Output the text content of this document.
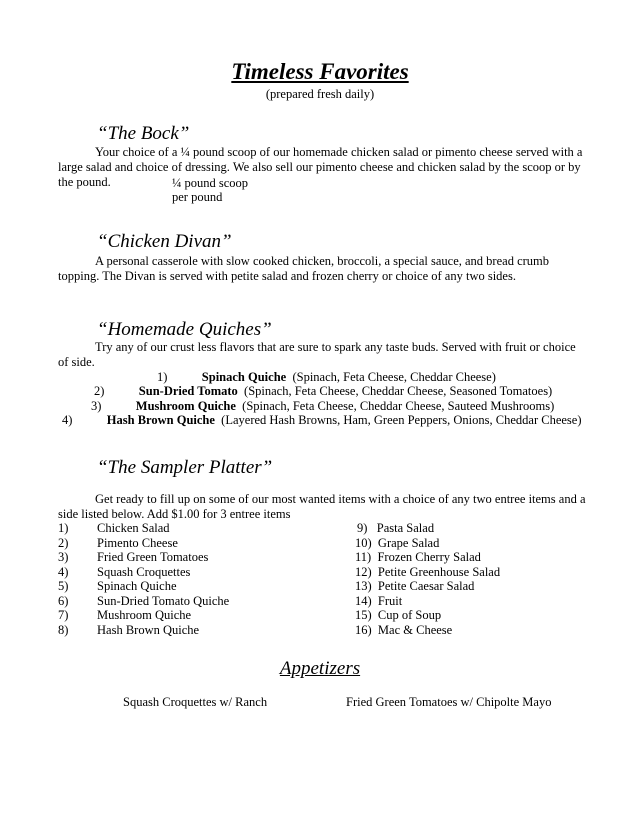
Timeless Favorites
(prepared fresh daily)
“The Bock”
Your choice of a ¼ pound scoop of our homemade chicken salad or pimento cheese served with a large salad and choice of dressing. We also sell our pimento cheese and chicken salad by the scoop or by the pound.	¼ pound scoop
per pound
“Chicken Divan”
A personal casserole with slow cooked chicken, broccoli, a special sauce, and bread crumb topping. The Divan is served with petite salad and frozen cherry or choice of any two sides.
“Homemade Quiches”
Try any of our crust less flavors that are sure to spark any taste buds. Served with fruit or choice of side.
1)	Spinach Quiche (Spinach, Feta Cheese, Cheddar Cheese)
2)	Sun-Dried Tomato (Spinach, Feta Cheese, Cheddar Cheese, Seasoned Tomatoes)
3)	Mushroom Quiche (Spinach, Feta Cheese, Cheddar Cheese, Sauteed Mushrooms)
4)	Hash Brown Quiche (Layered Hash Browns, Ham, Green Peppers, Onions, Cheddar Cheese)
“The Sampler Platter”
Get ready to fill up on some of our most wanted items with a choice of any two entree items and a side listed below. Add $1.00 for 3 entree items
1) Chicken Salad
2) Pimento Cheese
3) Fried Green Tomatoes
4) Squash Croquettes
5) Spinach Quiche
6) Sun-Dried Tomato Quiche
7) Mushroom Quiche
8) Hash Brown Quiche
9) Pasta Salad
10) Grape Salad
11) Frozen Cherry Salad
12) Petite Greenhouse Salad
13) Petite Caesar Salad
14) Fruit
15) Cup of Soup
16) Mac & Cheese
Appetizers
Squash Croquettes w/ Ranch	Fried Green Tomatoes w/ Chipolte Mayo
